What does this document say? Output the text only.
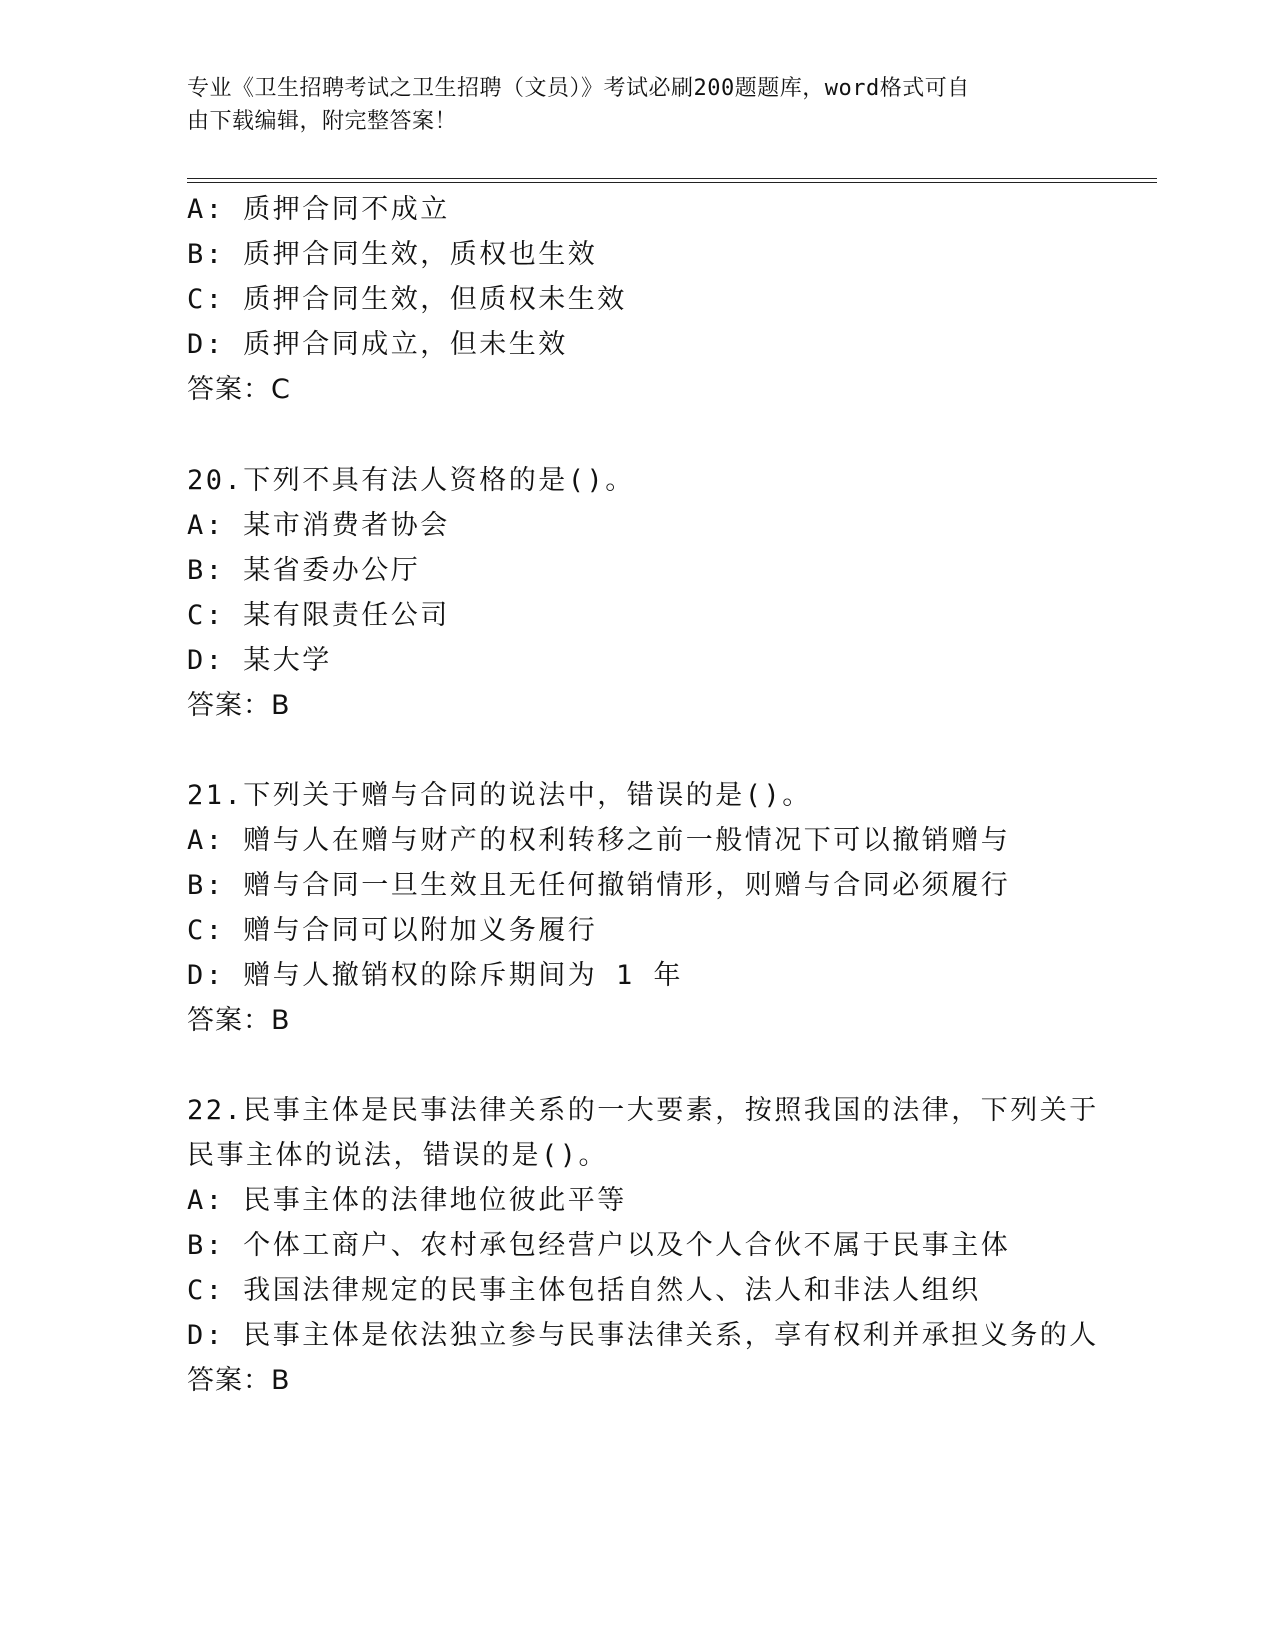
专业《卫生招聘考试之卫生招聘（文员）》考试必刷200题题库，word格式可自
由下载编辑，附完整答案！
A: 质押合同不成立
B: 质押合同生效，质权也生效
C: 质押合同生效，但质权未生效
D: 质押合同成立，但未生效
答案：C
20.下列不具有法人资格的是()。
A: 某市消费者协会
B: 某省委办公厅
C: 某有限责任公司
D: 某大学
答案：B
21.下列关于赠与合同的说法中，错误的是()。
A: 赠与人在赠与财产的权利转移之前一般情况下可以撤销赠与
B: 赠与合同一旦生效且无任何撤销情形，则赠与合同必须履行
C: 赠与合同可以附加义务履行
D: 赠与人撤销权的除斥期间为 1 年
答案：B
22.民事主体是民事法律关系的一大要素，按照我国的法律，下列关于
民事主体的说法，错误的是()。
A: 民事主体的法律地位彼此平等
B: 个体工商户、农村承包经营户以及个人合伙不属于民事主体
C: 我国法律规定的民事主体包括自然人、法人和非法人组织
D: 民事主体是依法独立参与民事法律关系，享有权利并承担义务的人
答案：B
